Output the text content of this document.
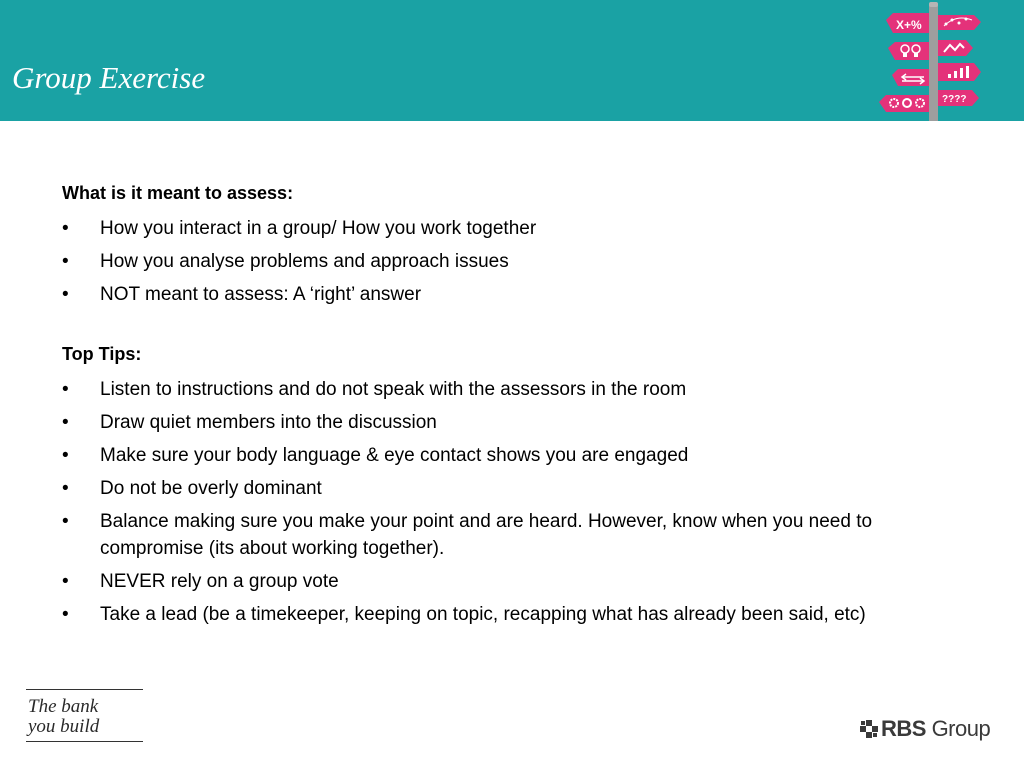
Group Exercise
X+%
????
What is it meant to assess:
•	How you interact in a group/ How you work together
•	How you analyse problems and approach issues
•	NOT meant to assess: A ‘right’ answer
Top Tips:
•	Listen to instructions and do not speak with the assessors in the room
•	Draw quiet members into the discussion
•	Make sure your body language & eye contact shows you are engaged
•	Do not be overly dominant
•	Balance making sure you make your point and are heard. However, know when you need to compromise (its about working together).
•	NEVER rely on a group vote
•	Take a lead (be a timekeeper, keeping on topic, recapping what has already been said, etc)
The bank
you build	RBS Group
